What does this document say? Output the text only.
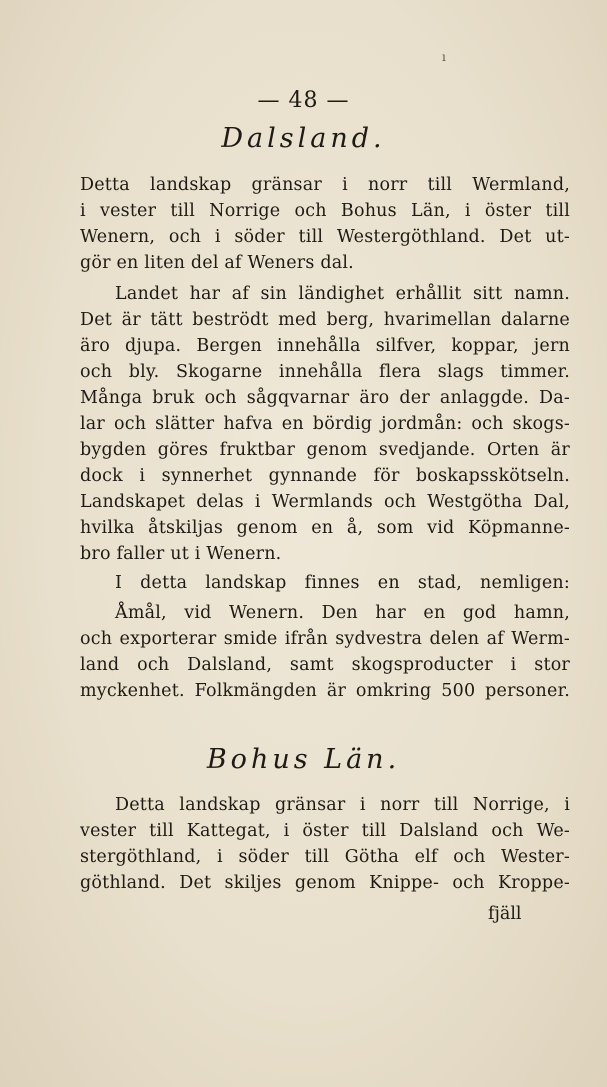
ı
— 48 —
Dalsland.
Detta landskap gränsar i norr till Wermland,
i vester till Norrige och Bohus Län, i öster till
Wenern, och i söder till Westergöthland. Det ut-
gör en liten del af Weners dal.
Landet har af sin ländighet erhållit sitt namn.
Det är tätt beströdt med berg, hvarimellan dalarne
äro djupa. Bergen innehålla silfver, koppar, jern
och bly. Skogarne innehålla flera slags timmer.
Många bruk och sågqvarnar äro der anlaggde. Da-
lar och slätter hafva en bördig jordmån: och skogs-
bygden göres fruktbar genom svedjande. Orten är
dock i synnerhet gynnande för boskapsskötseln.
Landskapet delas i Wermlands och Westgötha Dal,
hvilka åtskiljas genom en å, som vid Köpmanne-
bro faller ut i Wenern.
I detta landskap finnes en stad, nemligen:
Åmål, vid Wenern. Den har en god hamn,
och exporterar smide ifrån sydvestra delen af Werm-
land och Dalsland, samt skogsproducter i stor
myckenhet. Folkmängden är omkring 500 personer.
Bohus Län.
Detta landskap gränsar i norr till Norrige, i
vester till Kattegat, i öster till Dalsland och We-
stergöthland, i söder till Götha elf och Wester-
göthland. Det skiljes genom Knippe- och Kroppe-
fjäll
